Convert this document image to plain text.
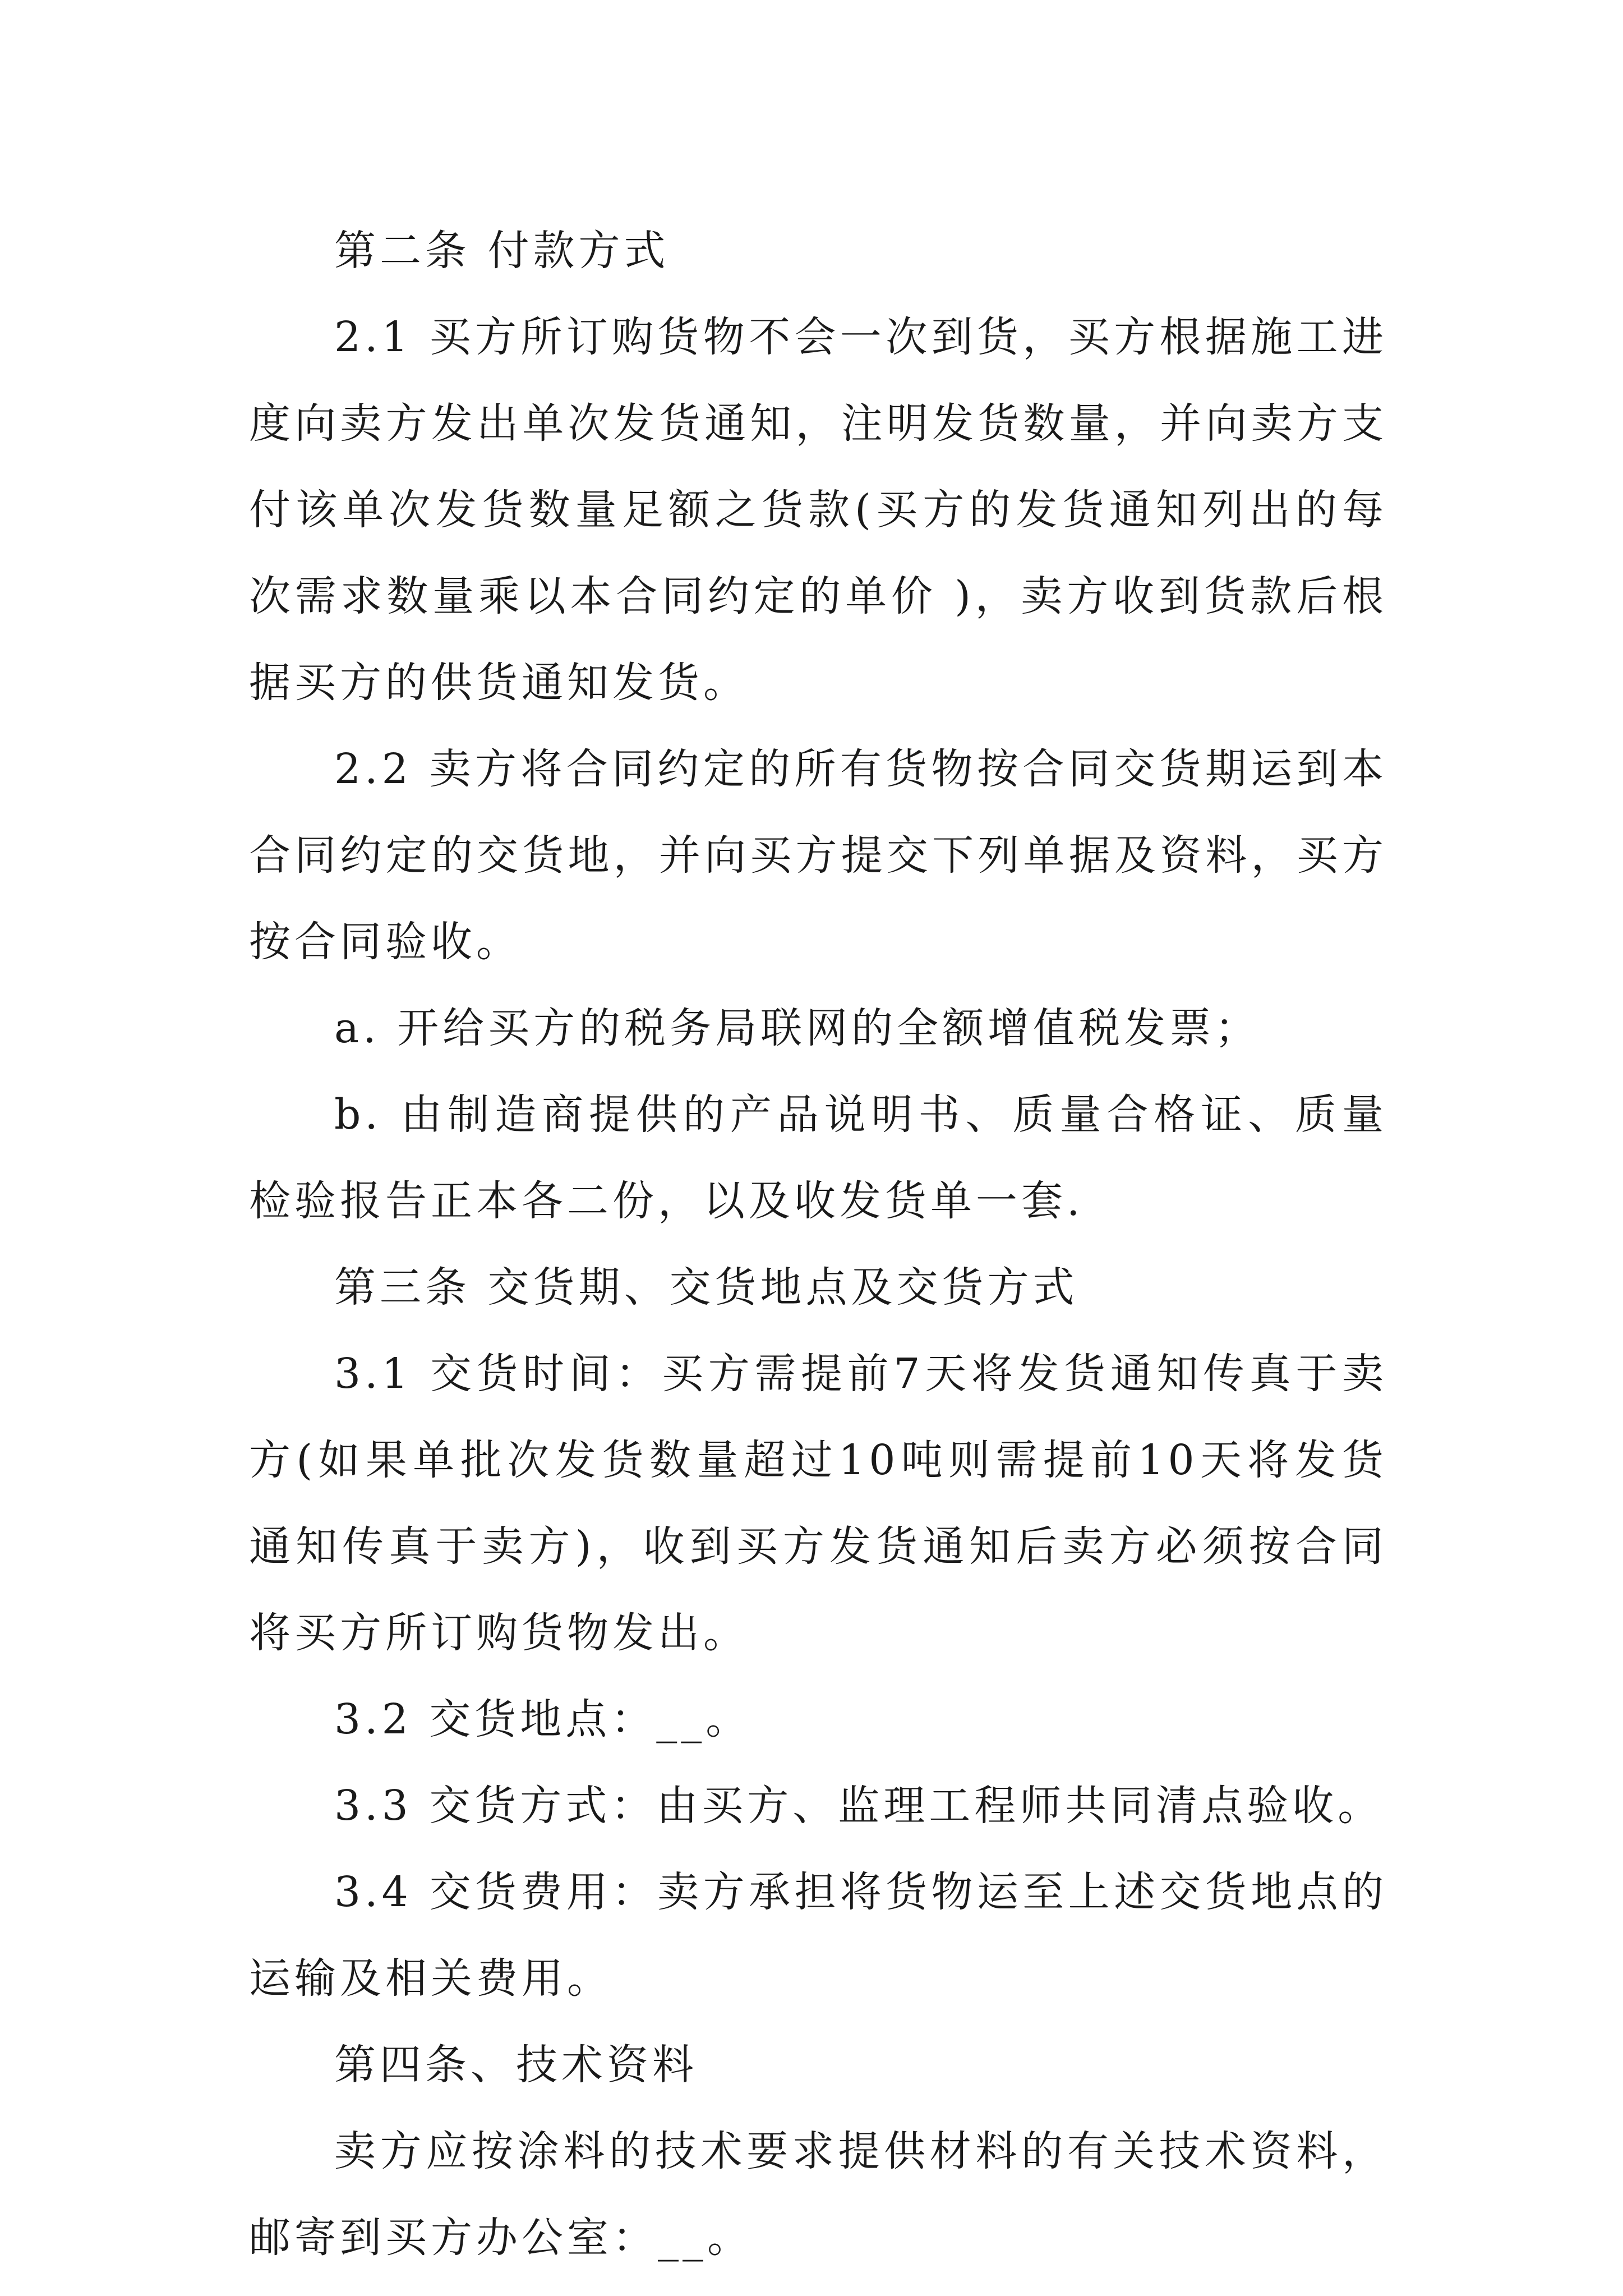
第二条 付款方式

2.1 买方所订购货物不会一次到货，买方根据施工进度向卖方发出单次发货通知，注明发货数量，并向卖方支付该单次发货数量足额之货款(买方的发货通知列出的每次需求数量乘以本合同约定的单价 )，卖方收到货款后根据买方的供货通知发货。

2.2 卖方将合同约定的所有货物按合同交货期运到本合同约定的交货地，并向买方提交下列单据及资料，买方按合同验收。

a. 开给买方的税务局联网的全额增值税发票；

b. 由制造商提供的产品说明书、质量合格证、质量检验报告正本各二份，以及收发货单一套.

第三条 交货期、交货地点及交货方式

3.1 交货时间：买方需提前7天将发货通知传真于卖方(如果单批次发货数量超过10吨则需提前10天将发货通知传真于卖方)，收到买方发货通知后卖方必须按合同将买方所订购货物发出。

3.2 交货地点：__。

3.3 交货方式：由买方、监理工程师共同清点验收。

3.4 交货费用：卖方承担将货物运至上述交货地点的运输及相关费用。

第四条、技术资料

卖方应按涂料的技术要求提供材料的有关技术资料，邮寄到买方办公室：__。
